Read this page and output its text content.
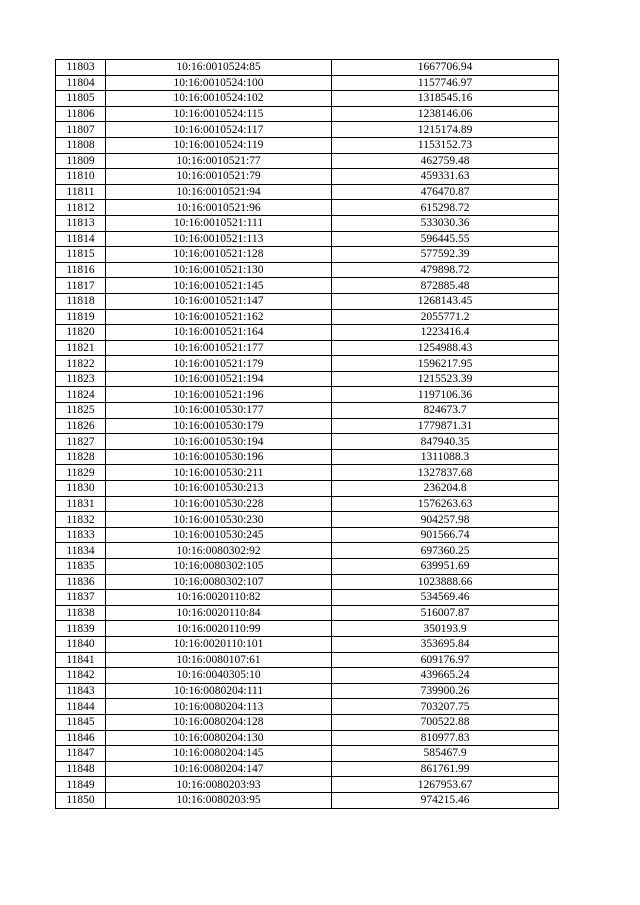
11803	10:16:0010524:85	1667706.94
11804	10:16:0010524:100	1157746.97
11805	10:16:0010524:102	1318545.16
11806	10:16:0010524:115	1238146.06
11807	10:16:0010524:117	1215174.89
11808	10:16:0010524:119	1153152.73
11809	10:16:0010521:77	462759.48
11810	10:16:0010521:79	459331.63
11811	10:16:0010521:94	476470.87
11812	10:16:0010521:96	615298.72
11813	10:16:0010521:111	533030.36
11814	10:16:0010521:113	596445.55
11815	10:16:0010521:128	577592.39
11816	10:16:0010521:130	479898.72
11817	10:16:0010521:145	872885.48
11818	10:16:0010521:147	1268143.45
11819	10:16:0010521:162	2055771.2
11820	10:16:0010521:164	1223416.4
11821	10:16:0010521:177	1254988.43
11822	10:16:0010521:179	1596217.95
11823	10:16:0010521:194	1215523.39
11824	10:16:0010521:196	1197106.36
11825	10:16:0010530:177	824673.7
11826	10:16:0010530:179	1779871.31
11827	10:16:0010530:194	847940.35
11828	10:16:0010530:196	1311088.3
11829	10:16:0010530:211	1327837.68
11830	10:16:0010530:213	236204.8
11831	10:16:0010530:228	1576263.63
11832	10:16:0010530:230	904257.98
11833	10:16:0010530:245	901566.74
11834	10:16:0080302:92	697360.25
11835	10:16:0080302:105	639951.69
11836	10:16:0080302:107	1023888.66
11837	10:16:0020110:82	534569.46
11838	10:16:0020110:84	516007.87
11839	10:16:0020110:99	350193.9
11840	10:16:0020110:101	353695.84
11841	10:16:0080107:61	609176.97
11842	10:16:0040305:10	439665.24
11843	10:16:0080204:111	739900.26
11844	10:16:0080204:113	703207.75
11845	10:16:0080204:128	700522.88
11846	10:16:0080204:130	810977.83
11847	10:16:0080204:145	585467.9
11848	10:16:0080204:147	861761.99
11849	10:16:0080203:93	1267953.67
11850	10:16:0080203:95	974215.46
